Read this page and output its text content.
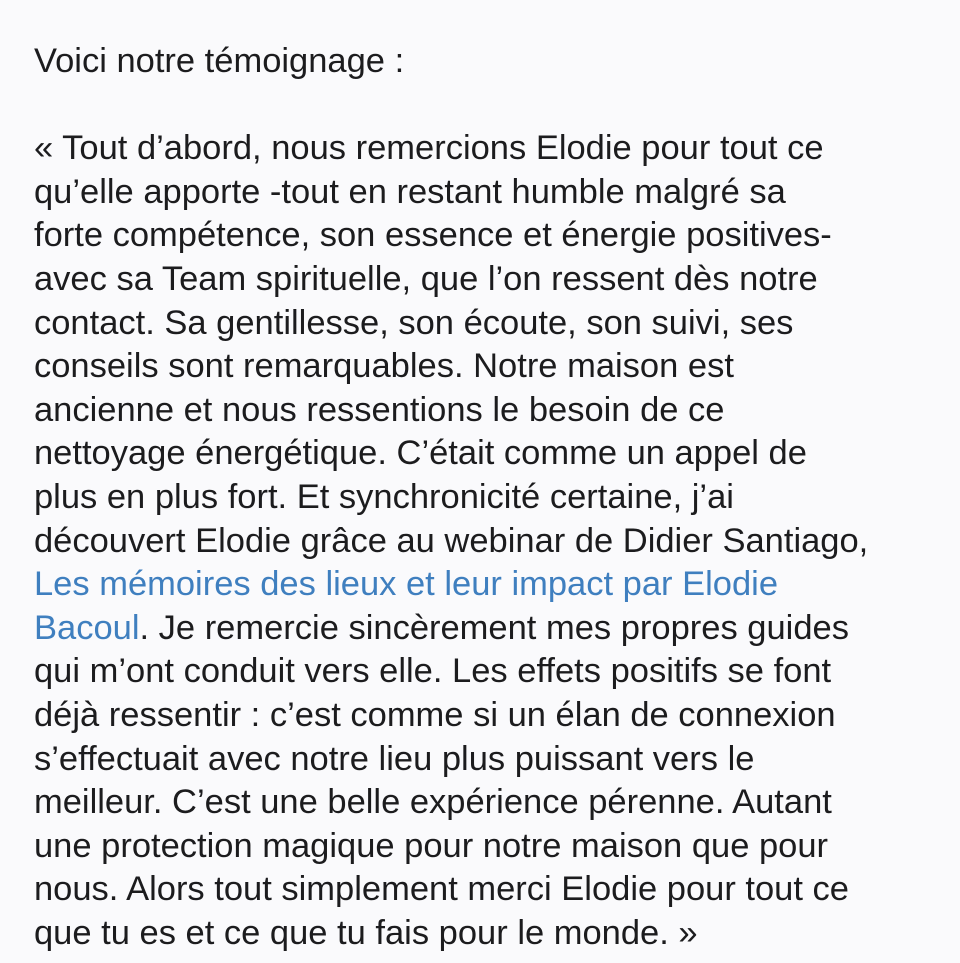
Voici notre témoignage :

« Tout d’abord, nous remercions Elodie pour tout ce
qu’elle apporte -tout en restant humble malgré sa
forte compétence, son essence et énergie positives-
avec sa Team spirituelle, que l’on ressent dès notre
contact. Sa gentillesse, son écoute, son suivi, ses
conseils sont remarquables. Notre maison est
ancienne et nous ressentions le besoin de ce
nettoyage énergétique. C’était comme un appel de
plus en plus fort. Et synchronicité certaine, j’ai
découvert Elodie grâce au webinar de Didier Santiago,
Les mémoires des lieux et leur impact par Elodie
Bacoul. Je remercie sincèrement mes propres guides
qui m’ont conduit vers elle. Les effets positifs se font
déjà ressentir : c’est comme si un élan de connexion
s’effectuait avec notre lieu plus puissant vers le
meilleur. C’est une belle expérience pérenne. Autant
une protection magique pour notre maison que pour
nous. Alors tout simplement merci Elodie pour tout ce
que tu es et ce que tu fais pour le monde. »
